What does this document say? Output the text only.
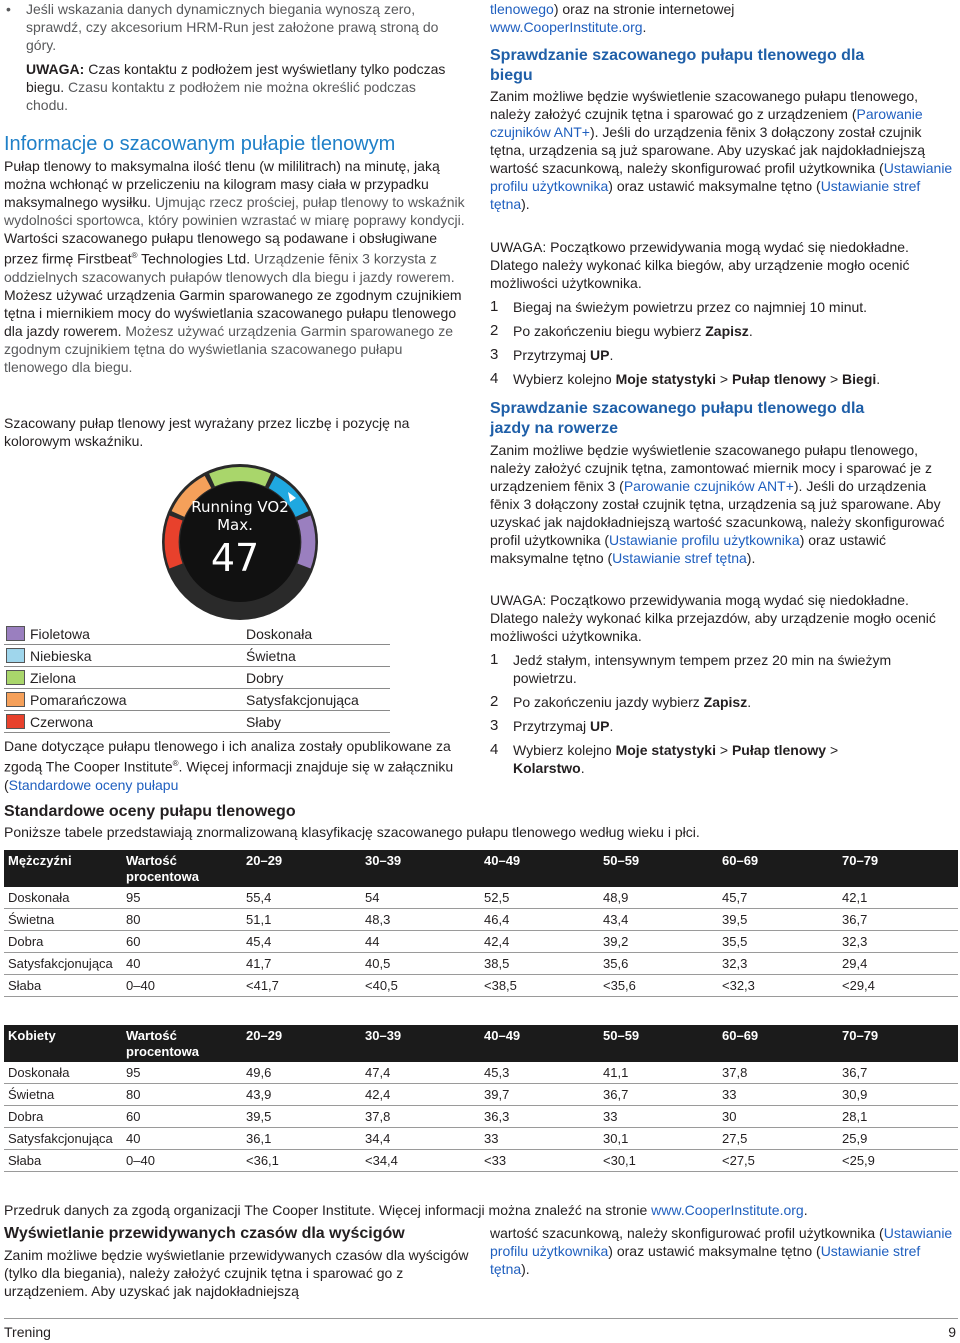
• Jeśli wskazania danych dynamicznych biegania wynoszą zero, sprawdź, czy akcesorium HRM-Run jest założone prawą stroną do góry.
UWAGA: Czas kontaktu z podłożem jest wyświetlany tylko podczas biegu. Czasu kontaktu z podłożem nie można określić podczas chodu.
Informacje o szacowanym pułapie tlenowym
Pułap tlenowy to maksymalna ilość tlenu (w mililitrach) na minutę, jaką można wchłonąć w przeliczeniu na kilogram masy ciała w przypadku maksymalnego wysiłku. Ujmując rzecz prościej, pułap tlenowy to wskaźnik wydolności sportowca, który powinien wzrastać w miarę poprawy kondycji. Wartości szacowanego pułapu tlenowego są podawane i obsługiwane przez firmę Firstbeat® Technologies Ltd. Urządzenie fēnix 3 korzysta z oddzielnych szacowanych pułapów tlenowych dla biegu i jazdy rowerem. Możesz używać urządzenia Garmin sparowanego ze zgodnym czujnikiem tętna i miernikiem mocy do wyświetlania szacowanego pułapu tlenowego dla jazdy rowerem. Możesz używać urządzenia Garmin sparowanego ze zgodnym czujnikiem tętna do wyświetlania szacowanego pułapu tlenowego dla biegu.
Szacowany pułap tlenowy jest wyrażany przez liczbę i pozycję na kolorowym wskaźniku.
Running VO2
Max.
47
Fioletowa	Doskonała
Niebieska	Świetna
Zielona	Dobry
Pomarańczowa	Satysfakcjonująca
Czerwona	Słaby
Dane dotyczące pułapu tlenowego i ich analiza zostały opublikowane za zgodą The Cooper Institute®. Więcej informacji znajduje się w załączniku (Standardowe oceny pułapu
tlenowego) oraz na stronie internetowej
www.CooperInstitute.org.
Sprawdzanie szacowanego pułapu tlenowego dla
biegu
Zanim możliwe będzie wyświetlenie szacowanego pułapu tlenowego, należy założyć czujnik tętna i sparować go z urządzeniem (Parowanie czujników ANT+). Jeśli do urządzenia fēnix 3 dołączony został czujnik tętna, urządzenia są już sparowane. Aby uzyskać jak najdokładniejszą wartość szacunkową, należy skonfigurować profil użytkownika (Ustawianie profilu użytkownika) oraz ustawić maksymalne tętno (Ustawianie stref tętna).
UWAGA: Początkowo przewidywania mogą wydać się niedokładne. Dlatego należy wykonać kilka biegów, aby urządzenie mogło ocenić możliwości użytkownika.
1 Biegaj na świeżym powietrzu przez co najmniej 10 minut.
2 Po zakończeniu biegu wybierz Zapisz.
3 Przytrzymaj UP.
4 Wybierz kolejno Moje statystyki > Pułap tlenowy > Biegi.
Sprawdzanie szacowanego pułapu tlenowego dla
jazdy na rowerze
Zanim możliwe będzie wyświetlenie szacowanego pułapu tlenowego, należy założyć czujnik tętna, zamontować miernik mocy i sparować je z urządzeniem fēnix 3 (Parowanie czujników ANT+). Jeśli do urządzenia fēnix 3 dołączony został czujnik tętna, urządzenia są już sparowane. Aby uzyskać jak najdokładniejszą wartość szacunkową, należy skonfigurować profil użytkownika (Ustawianie profilu użytkownika) oraz ustawić maksymalne tętno (Ustawianie stref tętna).
UWAGA: Początkowo przewidywania mogą wydać się niedokładne. Dlatego należy wykonać kilka przejazdów, aby urządzenie mogło ocenić możliwości użytkownika.
1 Jedź stałym, intensywnym tempem przez 20 min na świeżym powietrzu.
2 Po zakończeniu jazdy wybierz Zapisz.
3 Przytrzymaj UP.
4 Wybierz kolejno Moje statystyki > Pułap tlenowy > Kolarstwo.
Standardowe oceny pułapu tlenowego
Poniższe tabele przedstawiają znormalizowaną klasyfikację szacowanego pułapu tlenowego według wieku i płci.
Mężczyźni	Wartość procentowa	20–29	30–39	40–49	50–59	60–69	70–79
Doskonała	95	55,4	54	52,5	48,9	45,7	42,1
Świetna	80	51,1	48,3	46,4	43,4	39,5	36,7
Dobra	60	45,4	44	42,4	39,2	35,5	32,3
Satysfakcjonująca	40	41,7	40,5	38,5	35,6	32,3	29,4
Słaba	0–40	<41,7	<40,5	<38,5	<35,6	<32,3	<29,4
Kobiety	Wartość procentowa	20–29	30–39	40–49	50–59	60–69	70–79
Doskonała	95	49,6	47,4	45,3	41,1	37,8	36,7
Świetna	80	43,9	42,4	39,7	36,7	33	30,9
Dobra	60	39,5	37,8	36,3	33	30	28,1
Satysfakcjonująca	40	36,1	34,4	33	30,1	27,5	25,9
Słaba	0–40	<36,1	<34,4	<33	<30,1	<27,5	<25,9
Przedruk danych za zgodą organizacji The Cooper Institute. Więcej informacji można znaleźć na stronie www.CooperInstitute.org.
Wyświetlanie przewidywanych czasów dla wyścigów
Zanim możliwe będzie wyświetlanie przewidywanych czasów dla wyścigów (tylko dla biegania), należy założyć czujnik tętna i sparować go z urządzeniem. Aby uzyskać jak najdokładniejszą
wartość szacunkową, należy skonfigurować profil użytkownika (Ustawianie profilu użytkownika) oraz ustawić maksymalne tętno (Ustawianie stref tętna).
Trening	9
